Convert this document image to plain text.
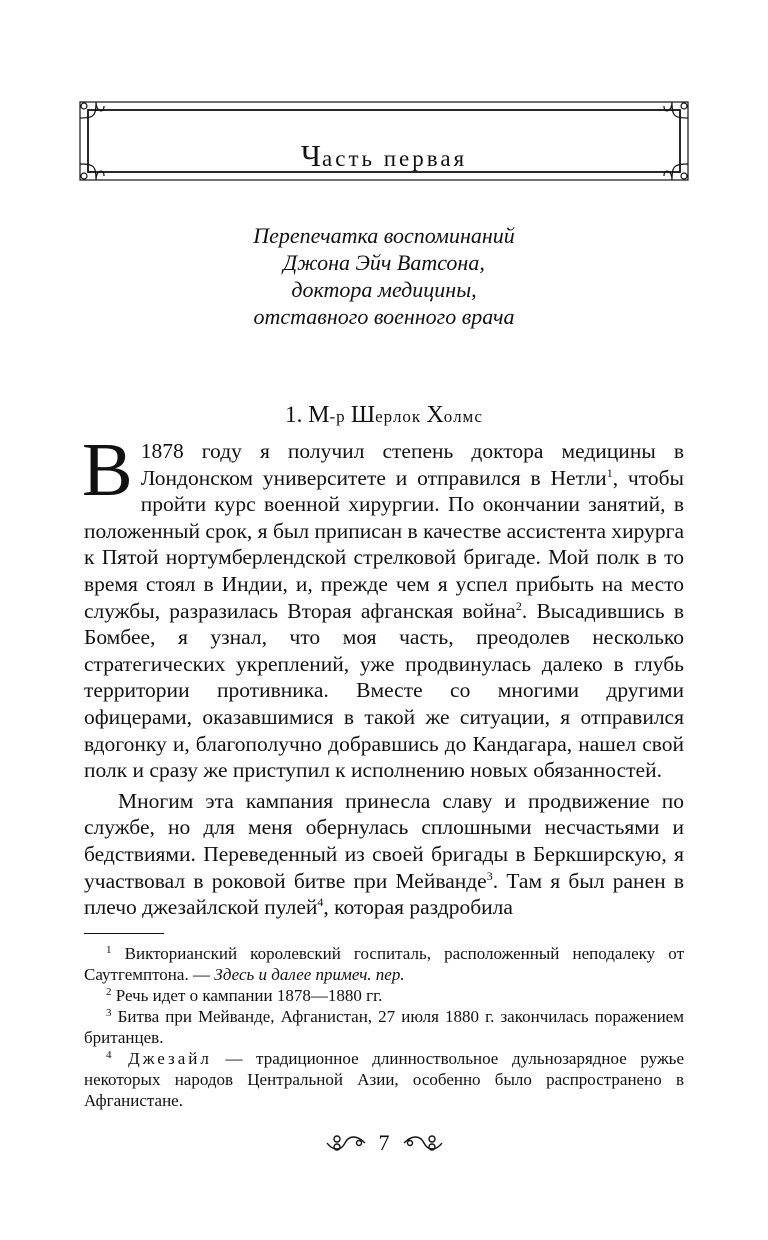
Часть первая
Перепечатка воспоминаний
Джона Эйч Ватсона,
доктора медицины,
отставного военного врача
1. М-р Шерлок Холмс

В 1878 году я получил степень доктора медицины в Лондонском университете и отправился в Нетли$^1$, чтобы пройти курс военной хирургии. По окончании занятий, в положенный срок, я был приписан в качестве ассистента хирурга к Пятой нортумберлендской стрелковой бригаде. Мой полк в то время стоял в Индии, и, прежде чем я успел прибыть на место службы, разразилась Вторая афганская война$^2$. Высадившись в Бомбее, я узнал, что моя часть, преодолев несколько стратегических укреплений, уже продвинулась далеко в глубь территории противника. Вместе со многими другими офицерами, оказавшимися в такой же ситуации, я отправился вдогонку и, благополучно добравшись до Кандагара, нашел свой полк и сразу же приступил к исполнению новых обязанностей.

Многим эта кампания принесла славу и продвижение по службе, но для меня обернулась сплошными несчастьями и бедствиями. Переведенный из своей бригады в Беркширскую, я участвовал в роковой битве при Мейванде$^3$. Там я был ранен в плечо джезайлской пулей$^4$, которая раздробила

$^1$ Викторианский королевский госпиталь, расположенный неподалеку от Саутгемптона. — Здесь и далее примеч. пер.

$^2$ Речь идет о кампании 1878—1880 гг.

$^3$ Битва при Мейванде, Афганистан, 27 июля 1880 г. закончилась поражением британцев.

$^4$ Джезайл — традиционное длинноствольное дульнозарядное ружье некоторых народов Центральной Азии, особенно было распространено в Афганистане.

7
